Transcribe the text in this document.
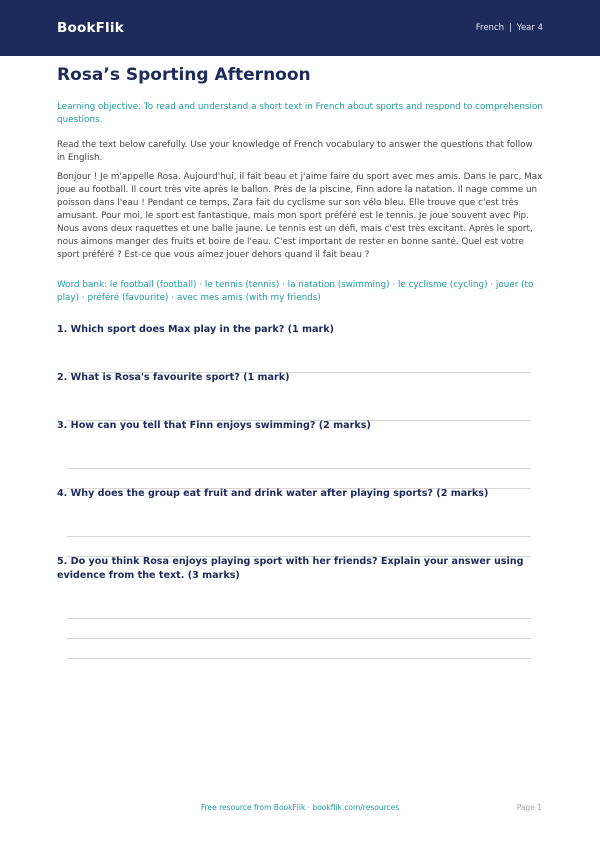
BookFlik	French | Year 4
Rosa’s Sporting Afternoon

Learning objective: To read and understand a short text in French about sports and respond to comprehension questions.

Read the text below carefully. Use your knowledge of French vocabulary to answer the questions that follow in English.

Bonjour ! Je m'appelle Rosa. Aujourd'hui, il fait beau et j'aime faire du sport avec mes amis. Dans le parc, Max joue au football. Il court très vite après le ballon. Près de la piscine, Finn adore la natation. Il nage comme un poisson dans l'eau ! Pendant ce temps, Zara fait du cyclisme sur son vélo bleu. Elle trouve que c'est très amusant. Pour moi, le sport est fantastique, mais mon sport préféré est le tennis. Je joue souvent avec Pip. Nous avons deux raquettes et une balle jaune. Le tennis est un défi, mais c'est très excitant. Après le sport, nous aimons manger des fruits et boire de l'eau. C'est important de rester en bonne santé. Quel est votre sport préféré ? Est-ce que vous aimez jouer dehors quand il fait beau ?

Word bank: le football (football) · le tennis (tennis) · la natation (swimming) · le cyclisme (cycling) · jouer (to play) · préféré (favourite) · avec mes amis (with my friends)

1. Which sport does Max play in the park? (1 mark)
2. What is Rosa's favourite sport? (1 mark)
3. How can you tell that Finn enjoys swimming? (2 marks)
4. Why does the group eat fruit and drink water after playing sports? (2 marks)
5. Do you think Rosa enjoys playing sport with her friends? Explain your answer using evidence from the text. (3 marks)
Free resource from BookFlik · bookflik.com/resources	Page 1
